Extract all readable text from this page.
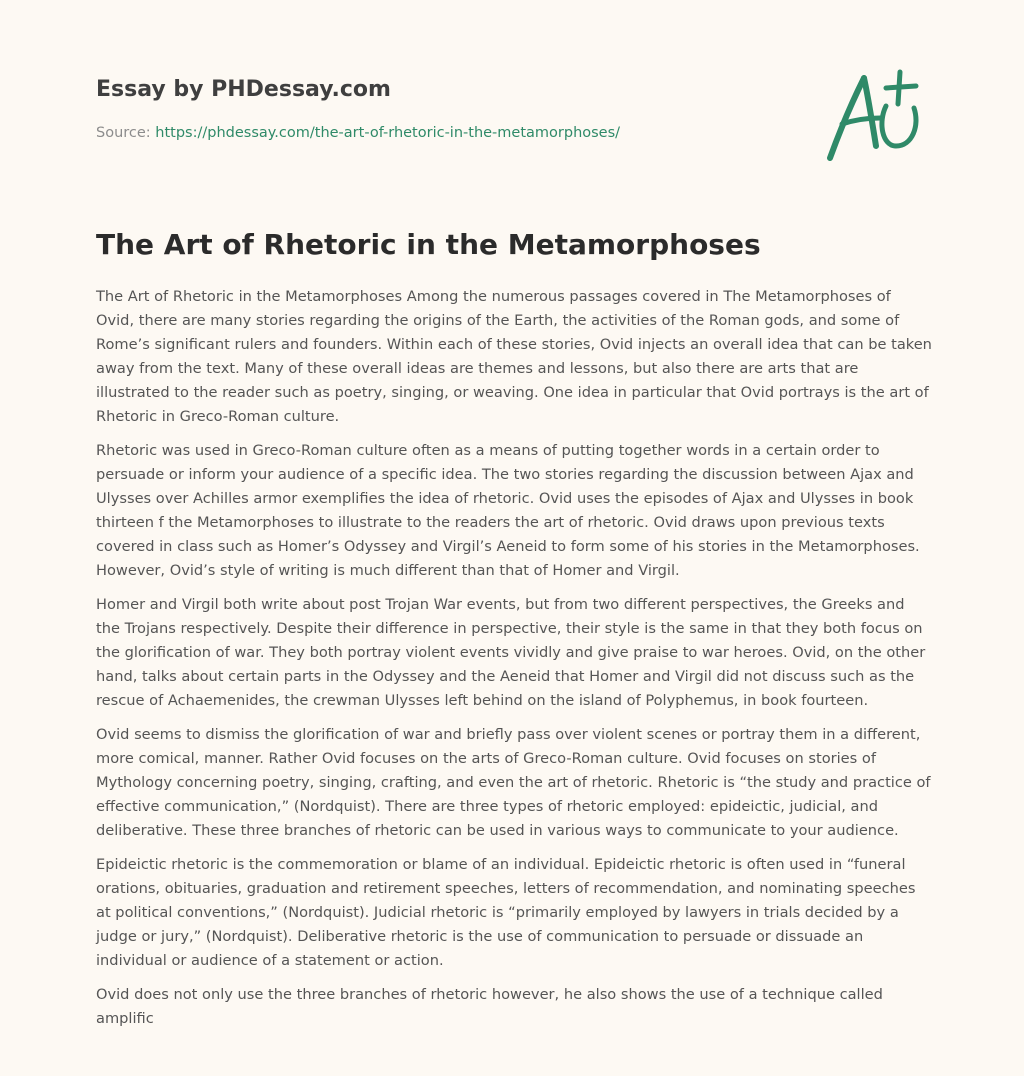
Essay by PHDessay.com
Source: https://phdessay.com/the-art-of-rhetoric-in-the-metamorphoses/
The Art of Rhetoric in the Metamorphoses

The Art of Rhetoric in the Metamorphoses Among the numerous passages covered in The Metamorphoses of Ovid, there are many stories regarding the origins of the Earth, the activities of the Roman gods, and some of Rome’s significant rulers and founders. Within each of these stories, Ovid injects an overall idea that can be taken away from the text. Many of these overall ideas are themes and lessons, but also there are arts that are illustrated to the reader such as poetry, singing, or weaving. One idea in particular that Ovid portrays is the art of Rhetoric in Greco-Roman culture.

Rhetoric was used in Greco-Roman culture often as a means of putting together words in a certain order to persuade or inform your audience of a specific idea. The two stories regarding the discussion between Ajax and Ulysses over Achilles armor exemplifies the idea of rhetoric. Ovid uses the episodes of Ajax and Ulysses in book thirteen f the Metamorphoses to illustrate to the readers the art of rhetoric. Ovid draws upon previous texts covered in class such as Homer’s Odyssey and Virgil’s Aeneid to form some of his stories in the Metamorphoses. However, Ovid’s style of writing is much different than that of Homer and Virgil.

Homer and Virgil both write about post Trojan War events, but from two different perspectives, the Greeks and the Trojans respectively. Despite their difference in perspective, their style is the same in that they both focus on the glorification of war. They both portray violent events vividly and give praise to war heroes. Ovid, on the other hand, talks about certain parts in the Odyssey and the Aeneid that Homer and Virgil did not discuss such as the rescue of Achaemenides, the crewman Ulysses left behind on the island of Polyphemus, in book fourteen.

Ovid seems to dismiss the glorification of war and briefly pass over violent scenes or portray them in a different, more comical, manner. Rather Ovid focuses on the arts of Greco-Roman culture. Ovid focuses on stories of Mythology concerning poetry, singing, crafting, and even the art of rhetoric. Rhetoric is “the study and practice of effective communication,” (Nordquist). There are three types of rhetoric employed: epideictic, judicial, and deliberative. These three branches of rhetoric can be used in various ways to communicate to your audience.

Epideictic rhetoric is the commemoration or blame of an individual. Epideictic rhetoric is often used in “funeral orations, obituaries, graduation and retirement speeches, letters of recommendation, and nominating speeches at political conventions,” (Nordquist). Judicial rhetoric is “primarily employed by lawyers in trials decided by a judge or jury,” (Nordquist). Deliberative rhetoric is the use of communication to persuade or dissuade an individual or audience of a statement or action.

Ovid does not only use the three branches of rhetoric however, he also shows the use of a technique called amplific
